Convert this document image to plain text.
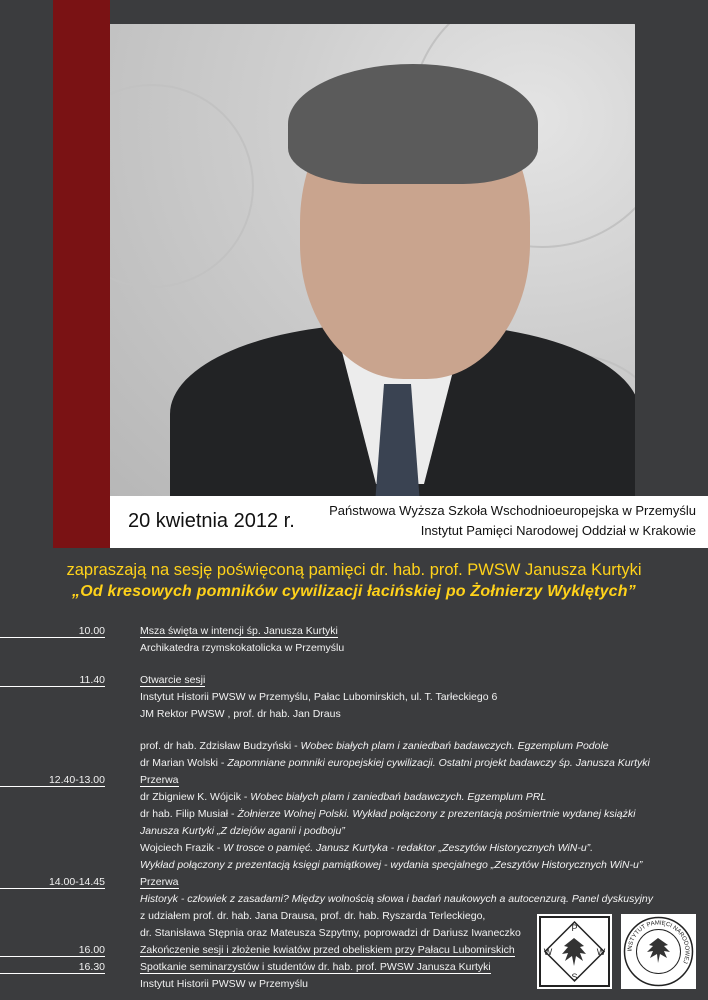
20 kwietnia 2012 r.	Państwowa Wyższa Szkoła Wschodnioeuropejska w Przemyślu
Instytut Pamięci Narodowej Oddział w Krakowie
zapraszają na sesję poświęconą pamięci dr. hab. prof. PWSW Janusza Kurtyki
„Od kresowych pomników cywilizacji łacińskiej po Żołnierzy Wyklętych”
10.00	Msza święta w intencji śp. Janusza Kurtyki
Archikatedra rzymskokatolicka w Przemyślu
11.40	Otwarcie sesji
Instytut Historii PWSW w Przemyślu, Pałac Lubomirskich, ul. T. Tarłeckiego 6
JM Rektor PWSW , prof. dr hab. Jan Draus
prof. dr hab. Zdzisław Budzyński - Wobec białych plam i zaniedbań badawczych. Egzemplum Podole
dr Marian Wolski - Zapomniane pomniki europejskiej cywilizacji. Ostatni projekt badawczy śp. Janusza Kurtyki
12.40-13.00	Przerwa
dr Zbigniew K. Wójcik - Wobec białych plam i zaniedbań badawczych. Egzemplum PRL
dr hab. Filip Musiał - Żołnierze Wolnej Polski. Wykład połączony z prezentacją pośmiertnie wydanej książki
Janusza Kurtyki „Z dziejów aganii i podboju”
Wojciech Frazik - W trosce o pamięć. Janusz Kurtyka - redaktor „Zeszytów Historycznych WiN-u”.
Wykład połączony z prezentacją księgi pamiątkowej - wydania specjalnego „Zeszytów Historycznych WiN-u”
14.00-14.45	Przerwa
Historyk - człowiek z zasadami? Między wolnością słowa i badań naukowych a autocenzurą. Panel dyskusyjny
z udziałem prof. dr. hab. Jana Drausa, prof. dr. hab. Ryszarda Terleckiego,
dr. Stanisława Stępnia oraz Mateusza Szpytmy, poprowadzi dr Dariusz Iwaneczko
16.00	Zakończenie sesji i złożenie kwiatów przed obeliskiem przy Pałacu Lubomirskich
16.30	Spotkanie seminarzystów i studentów dr. hab. prof. PWSW Janusza Kurtyki
Instytut Historii PWSW w Przemyślu
P
W
S
W	INSTYTUT PAMIĘCI NARODOWEJ
